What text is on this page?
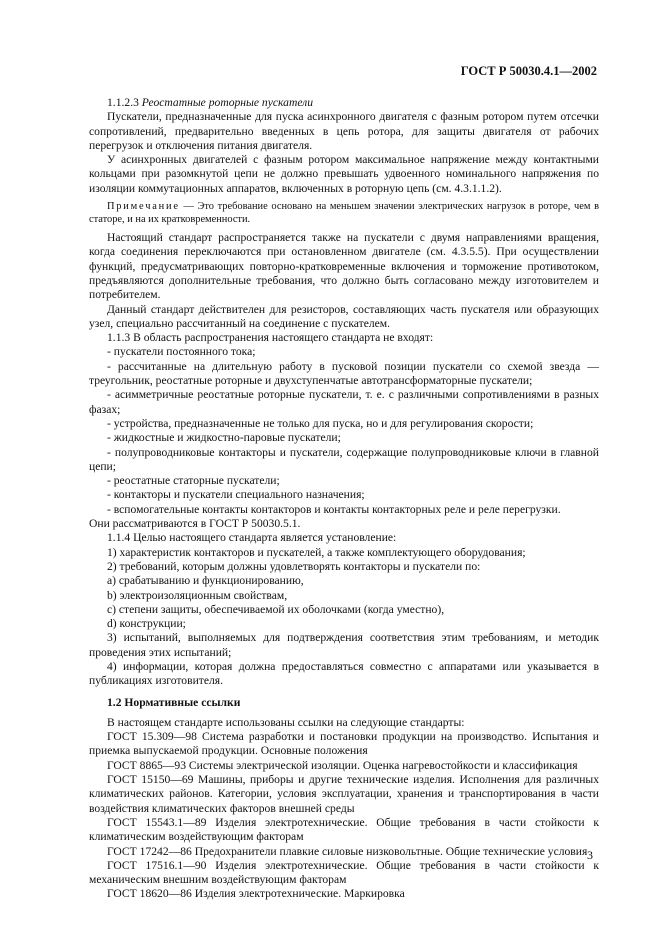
ГОСТ Р 50030.4.1—2002

1.1.2.3 Реостатные роторные пускатели

Пускатели, предназначенные для пуска асинхронного двигателя с фазным ротором путем отсечки сопротивлений, предварительно введенных в цепь ротора, для защиты двигателя от рабочих перегрузок и отключения питания двигателя.

У асинхронных двигателей с фазным ротором максимальное напряжение между контактными кольцами при разомкнутой цепи не должно превышать удвоенного номинального напряжения по изоляции коммутационных аппаратов, включенных в роторную цепь (см. 4.3.1.1.2).

Примечание — Это требование основано на меньшем значении электрических нагрузок в роторе, чем в статоре, и на их кратковременности.

Настоящий стандарт распространяется также на пускатели с двумя направлениями вращения, когда соединения переключаются при остановленном двигателе (см. 4.3.5.5). При осуществлении функций, предусматривающих повторно-кратковременные включения и торможение противотоком, предъявляются дополнительные требования, что должно быть согласовано между изготовителем и потребителем.

Данный стандарт действителен для резисторов, составляющих часть пускателя или образующих узел, специально рассчитанный на соединение с пускателем.

1.1.3 В область распространения настоящего стандарта не входят:

- пускатели постоянного тока;

- рассчитанные на длительную работу в пусковой позиции пускатели со схемой звезда — треугольник, реостатные роторные и двухступенчатые автотрансформаторные пускатели;

- асимметричные реостатные роторные пускатели, т. е. с различными сопротивлениями в разных фазах;

- устройства, предназначенные не только для пуска, но и для регулирования скорости;

- жидкостные и жидкостно-паровые пускатели;

- полупроводниковые контакторы и пускатели, содержащие полупроводниковые ключи в главной цепи;

- реостатные статорные пускатели;

- контакторы и пускатели специального назначения;

- вспомогательные контакты контакторов и контакты контакторных реле и реле перегрузки.

Они рассматриваются в ГОСТ Р 50030.5.1.

1.1.4 Целью настоящего стандарта является установление:

1) характеристик контакторов и пускателей, а также комплектующего оборудования;

2) требований, которым должны удовлетворять контакторы и пускатели по:

a) срабатыванию и функционированию,

b) электроизоляционным свойствам,

c) степени защиты, обеспечиваемой их оболочками (когда уместно),

d) конструкции;

3) испытаний, выполняемых для подтверждения соответствия этим требованиям, и методик проведения этих испытаний;

4) информации, которая должна предоставляться совместно с аппаратами или указывается в публикациях изготовителя.

1.2 Нормативные ссылки

В настоящем стандарте использованы ссылки на следующие стандарты:

ГОСТ 15.309—98 Система разработки и постановки продукции на производство. Испытания и приемка выпускаемой продукции. Основные положения

ГОСТ 8865—93 Системы электрической изоляции. Оценка нагревостойкости и классификация

ГОСТ 15150—69 Машины, приборы и другие технические изделия. Исполнения для различных климатических районов. Категории, условия эксплуатации, хранения и транспортирования в части воздействия климатических факторов внешней среды

ГОСТ 15543.1—89 Изделия электротехнические. Общие требования в части стойкости к климатическим воздействующим факторам

ГОСТ 17242—86 Предохранители плавкие силовые низковольтные. Общие технические условия

ГОСТ 17516.1—90 Изделия электротехнические. Общие требования в части стойкости к механическим внешним воздействующим факторам

ГОСТ 18620—86 Изделия электротехнические. Маркировка

3
